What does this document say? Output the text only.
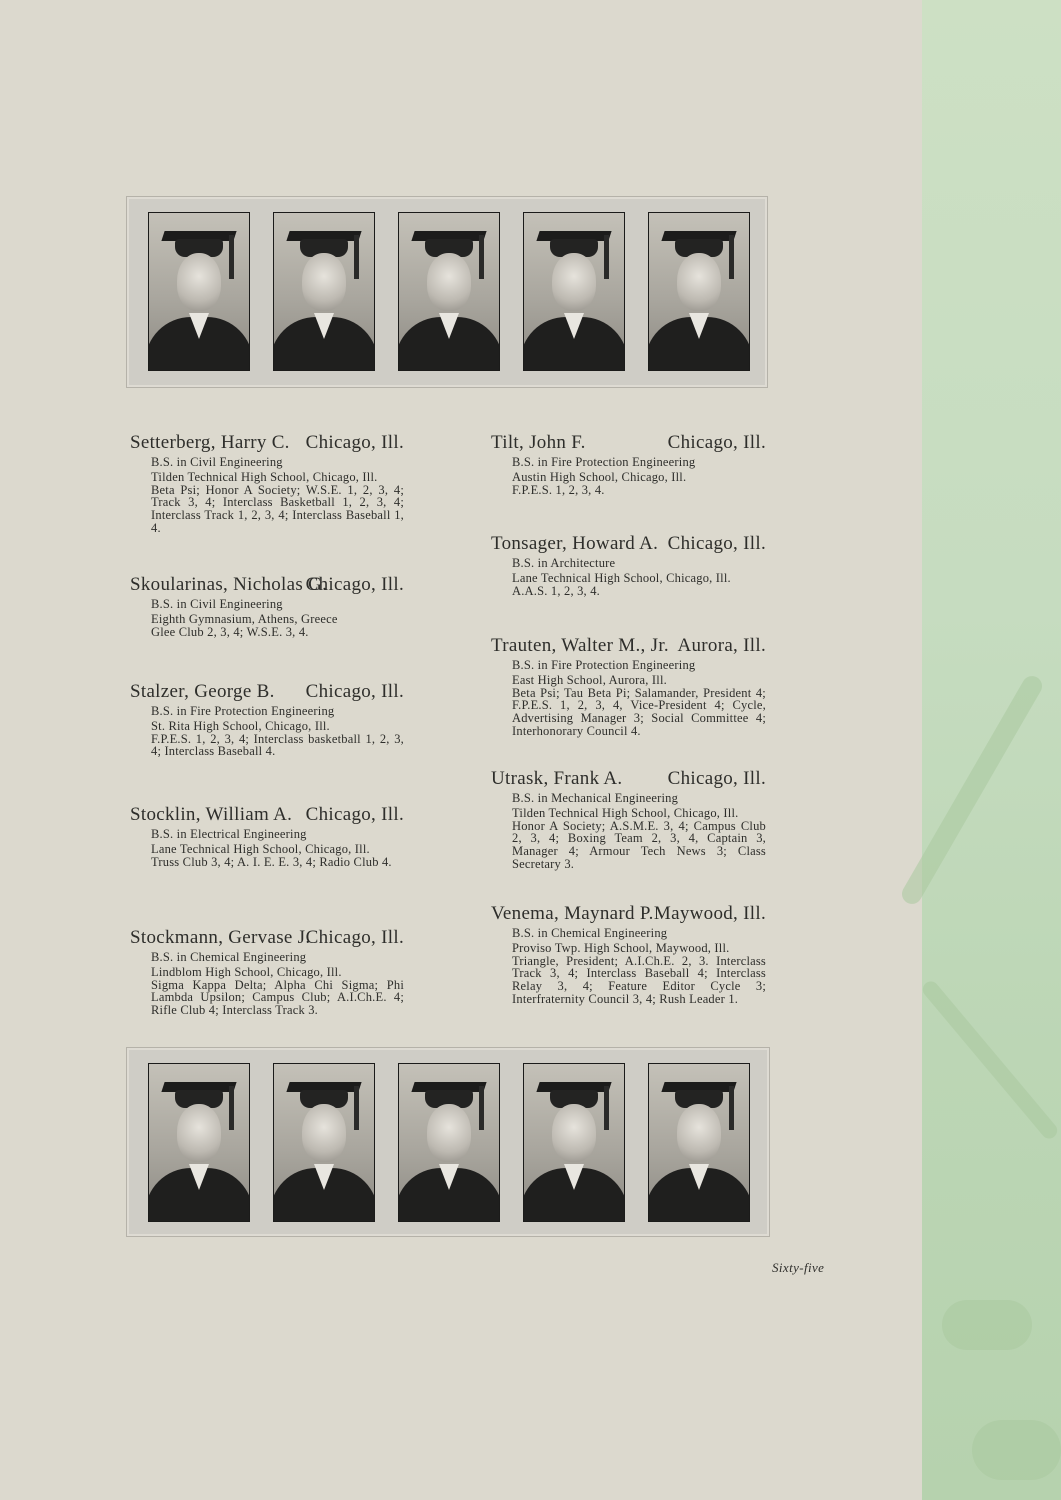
Setterberg, Harry C. Chicago, Ill.
B.S. in Civil Engineering
Tilden Technical High School, Chicago, Ill.
Beta Psi; Honor A Society; W.S.E. 1, 2, 3, 4; Track 3, 4; Interclass Basketball 1, 2, 3, 4; Interclass Track 1, 2, 3, 4; Interclass Baseball 1, 4.
Skoularinas, Nicholas G.
Chicago, Ill.
B.S. in Civil Engineering
Eighth Gymnasium, Athens, Greece
Glee Club 2, 3, 4; W.S.E. 3, 4.
Stalzer, George B. Chicago, Ill.
B.S. in Fire Protection Engineering
St. Rita High School, Chicago, Ill.
F.P.E.S. 1, 2, 3, 4; Interclass basketball 1, 2, 3, 4; Interclass Baseball 4.
Stocklin, William A. Chicago, Ill.
B.S. in Electrical Engineering
Lane Technical High School, Chicago, Ill.
Truss Club 3, 4; A. I. E. E. 3, 4; Radio Club 4.
Stockmann, Gervase J.
Chicago, Ill.
B.S. in Chemical Engineering
Lindblom High School, Chicago, Ill.
Sigma Kappa Delta; Alpha Chi Sigma; Phi Lambda Upsilon; Campus Club; A.I.Ch.E. 4; Rifle Club 4; Interclass Track 3.
Tilt, John F.	Chicago, Ill.
B.S. in Fire Protection Engineering
Austin High School, Chicago, Ill.
F.P.E.S. 1, 2, 3, 4.
Tonsager, Howard A. Chicago, Ill.
B.S. in Architecture
Lane Technical High School, Chicago, Ill.
A.A.S. 1, 2, 3, 4.
Trauten, Walter M., Jr. Aurora, Ill.
B.S. in Fire Protection Engineering
East High School, Aurora, Ill.
Beta Psi; Tau Beta Pi; Salamander, President 4; F.P.E.S. 1, 2, 3, 4, Vice-President 4; Cycle, Advertising Manager 3; Social Committee 4; Interhonorary Council 4.
Utrask, Frank A. Chicago, Ill.
B.S. in Mechanical Engineering
Tilden Technical High School, Chicago, Ill.
Honor A Society; A.S.M.E. 3, 4; Campus Club 2, 3, 4; Boxing Team 2, 3, 4, Captain 3, Manager 4; Armour Tech News 3; Class Secretary 3.
Venema, Maynard P. Maywood, Ill.
B.S. in Chemical Engineering
Proviso Twp. High School, Maywood, Ill.
Triangle, President; A.I.Ch.E. 2, 3. Interclass Track 3, 4; Interclass Baseball 4; Interclass Relay 3, 4; Feature Editor Cycle 3; Interfraternity Council 3, 4; Rush Leader 1.
Sixty-five
